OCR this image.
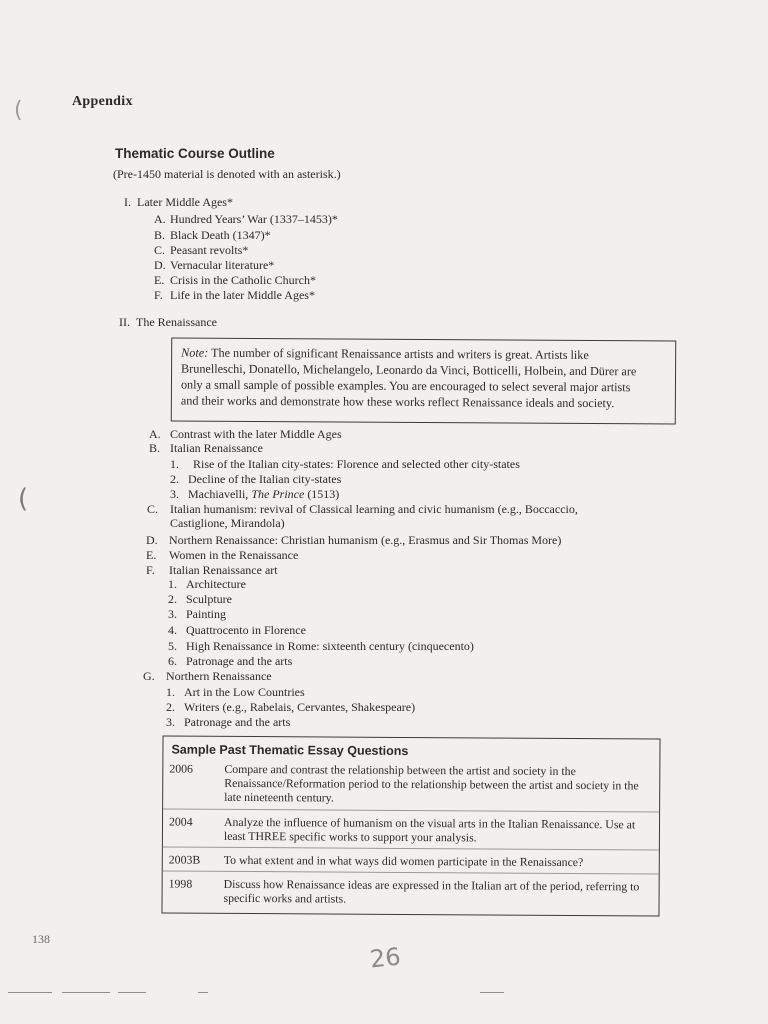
(
(
Appendix
Thematic Course Outline
(Pre-1450 material is denoted with an asterisk.)
I. Later Middle Ages*
A. Hundred Years’ War (1337–1453)*
B. Black Death (1347)*
C. Peasant revolts*
D. Vernacular literature*
E. Crisis in the Catholic Church*
F. Life in the later Middle Ages*
II. The Renaissance
Note: The number of significant Renaissance artists and writers is great. Artists like
Brunelleschi, Donatello, Michelangelo, Leonardo da Vinci, Botticelli, Holbein, and Dürer are
only a small sample of possible examples. You are encouraged to select several major artists
and their works and demonstrate how these works reflect Renaissance ideals and society.
A. Contrast with the later Middle Ages
B. Italian Renaissance
1. Rise of the Italian city-states: Florence and selected other city-states
2. Decline of the Italian city-states
3. Machiavelli, The Prince (1513)
C. Italian humanism: revival of Classical learning and civic humanism (e.g., Boccaccio,
Castiglione, Mirandola)
D. Northern Renaissance: Christian humanism (e.g., Erasmus and Sir Thomas More)
E. Women in the Renaissance
F. Italian Renaissance art
1. Architecture
2. Sculpture
3. Painting
4. Quattrocento in Florence
5. High Renaissance in Rome: sixteenth century (cinquecento)
6. Patronage and the arts
G. Northern Renaissance
1. Art in the Low Countries
2. Writers (e.g., Rabelais, Cervantes, Shakespeare)
3. Patronage and the arts
Sample Past Thematic Essay Questions
2006	Compare and contrast the relationship between the artist and society in the Renaissance/Reformation period to the relationship between the artist and society in the late nineteenth century.
2004	Analyze the influence of humanism on the visual arts in the Italian Renaissance. Use at least THREE specific works to support your analysis.
2003B To what extent and in what ways did women participate in the Renaissance?
1998	Discuss how Renaissance ideas are expressed in the Italian art of the period, referring to specific works and artists.
138
26
